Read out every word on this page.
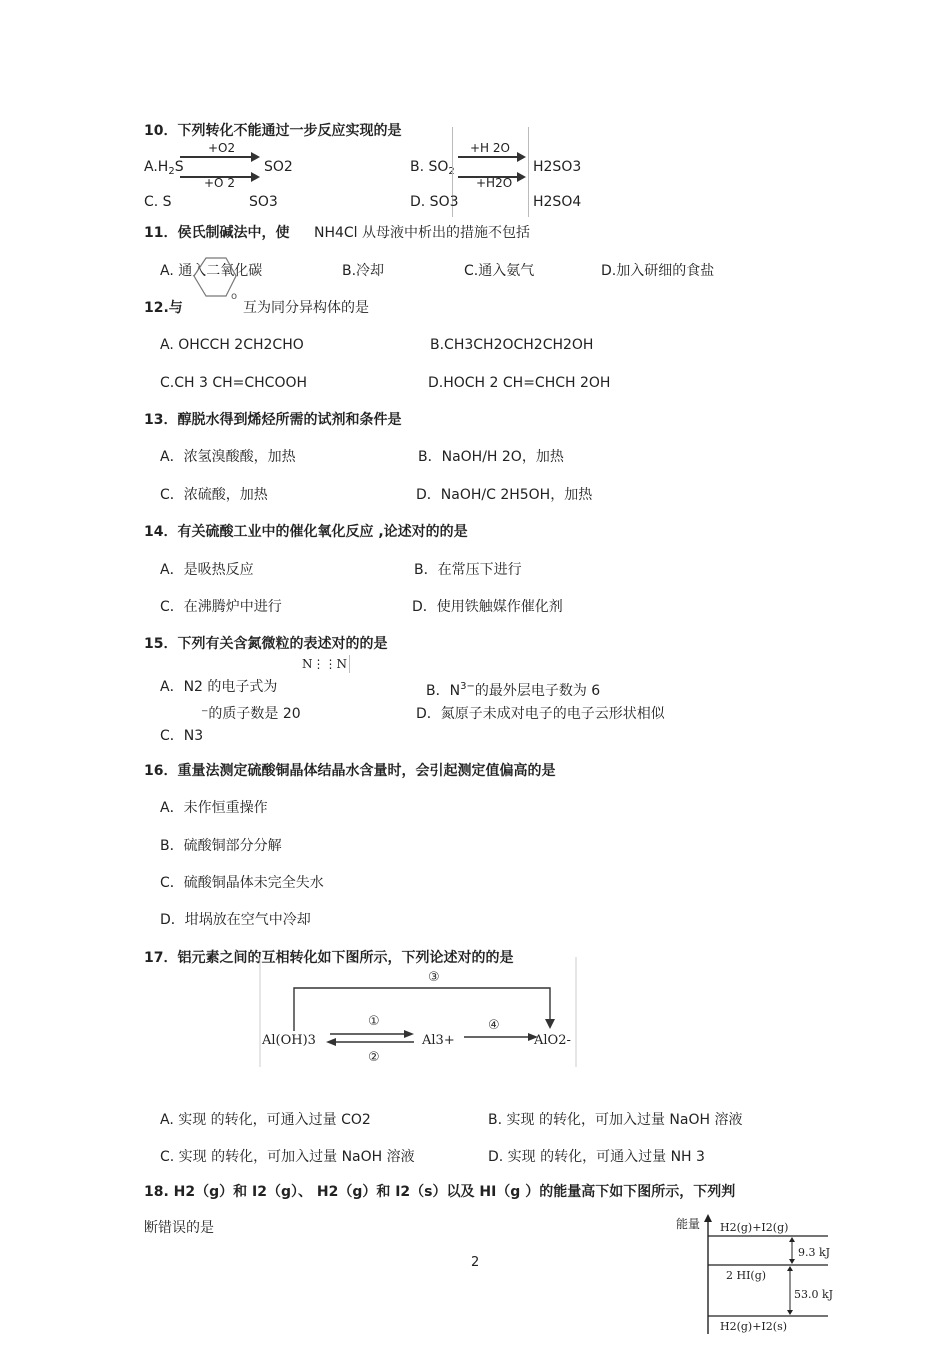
10．下列转化不能通过一步反应实现的是
$A.H_2S$
+O2
SO2	B. $SO_2$
+H 2O
H2SO3
C. S
+O 2
SO3	D. SO3
+H2O
H2SO4
11．侯氏制碱法中，使 NH4Cl 从母液中析出的措施不包括
A. 通入二氧化碳	B.冷却	C.通入氨气	D.加入研细的食盐
o
12.与	互为同分异构体的是
A. OHCCH 2CH2CHO	B.CH3CH2OCH2CH2OH
C.CH 3 CH=CHCOOH	D.HOCH 2 CH=CHCH 2OH
13．醇脱水得到烯烃所需的试剂和条件是
A．浓氢溴酸酸，加热	B．NaOH/H 2O，加热
C．浓硫酸，加热	D．NaOH/C 2H5OH，加热
14．有关硫酸工业中的催化氧化反应 ,论述对的的是
A．是吸热反应	B．在常压下进行
C．在沸腾炉中进行	D．使用铁触媒作催化剂
15．下列有关含氮微粒的表述对的的是
N⋮⋮N
A．N2 的电子式为	B．$N^{3-}$的最外层电子数为 6
⁻的质子数是 20	D．氮原子未成对电子的电子云形状相似
C．N3
16．重量法测定硫酸铜晶体结晶水含量时，会引起测定值偏高的是
A．未作恒重操作
B．硫酸铜部分分解
C．硫酸铜晶体未完全失水
D．坩埚放在空气中冷却
17．铝元素之间的互相转化如下图所示，下列论述对的的是
③
①
②
④
Al(OH)3	Al3+	AlO2-
A. 实现 的转化，可通入过量 CO2	B. 实现 的转化，可加入过量 NaOH 溶液
C. 实现 的转化，可加入过量 NaOH 溶液	D. 实现 的转化，可通入过量 NH 3
18. H2（g）和 I2（g）、 H2（g）和 I2（s）以及 HI（g ）的能量高下如下图所示，下列判
断错误的是	能量 H2(g)+I2(g)
2 HI(g)
H2(g)+I2(s)
9.3 kJ
53.0 kJ
2
